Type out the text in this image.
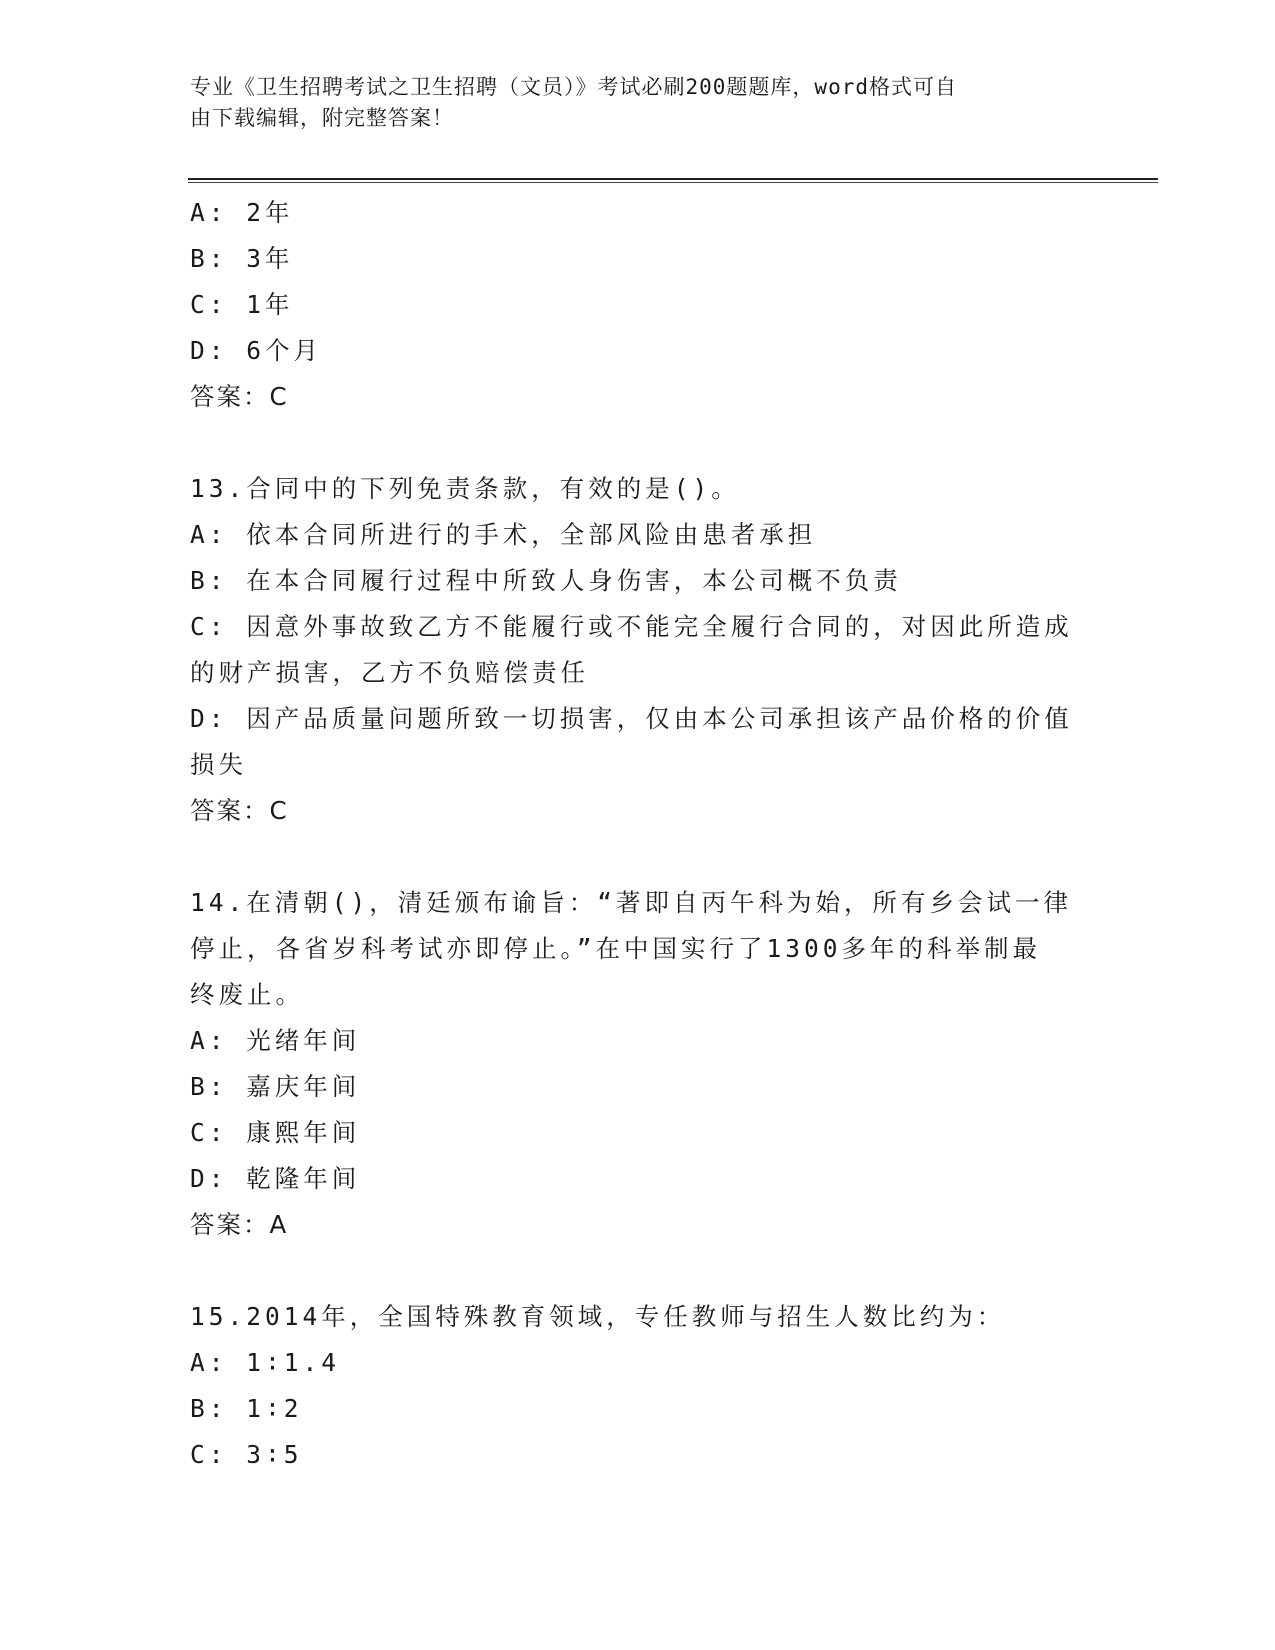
专业《卫生招聘考试之卫生招聘（文员）》考试必刷200题题库，word格式可自
由下载编辑，附完整答案！
A: 2年
B: 3年
C: 1年
D: 6个月
答案：C
13.合同中的下列免责条款，有效的是()。
A: 依本合同所进行的手术，全部风险由患者承担
B: 在本合同履行过程中所致人身伤害，本公司概不负责
C: 因意外事故致乙方不能履行或不能完全履行合同的，对因此所造成
的财产损害，乙方不负赔偿责任
D: 因产品质量问题所致一切损害，仅由本公司承担该产品价格的价值
损失
答案：C
14.在清朝()，清廷颁布谕旨：“著即自丙午科为始，所有乡会试一律
停止，各省岁科考试亦即停止。”在中国实行了1300多年的科举制最
终废止。
A: 光绪年间
B: 嘉庆年间
C: 康熙年间
D: 乾隆年间
答案：A
15.2014年，全国特殊教育领域，专任教师与招生人数比约为：
A: 1∶1.4
B: 1∶2
C: 3∶5
